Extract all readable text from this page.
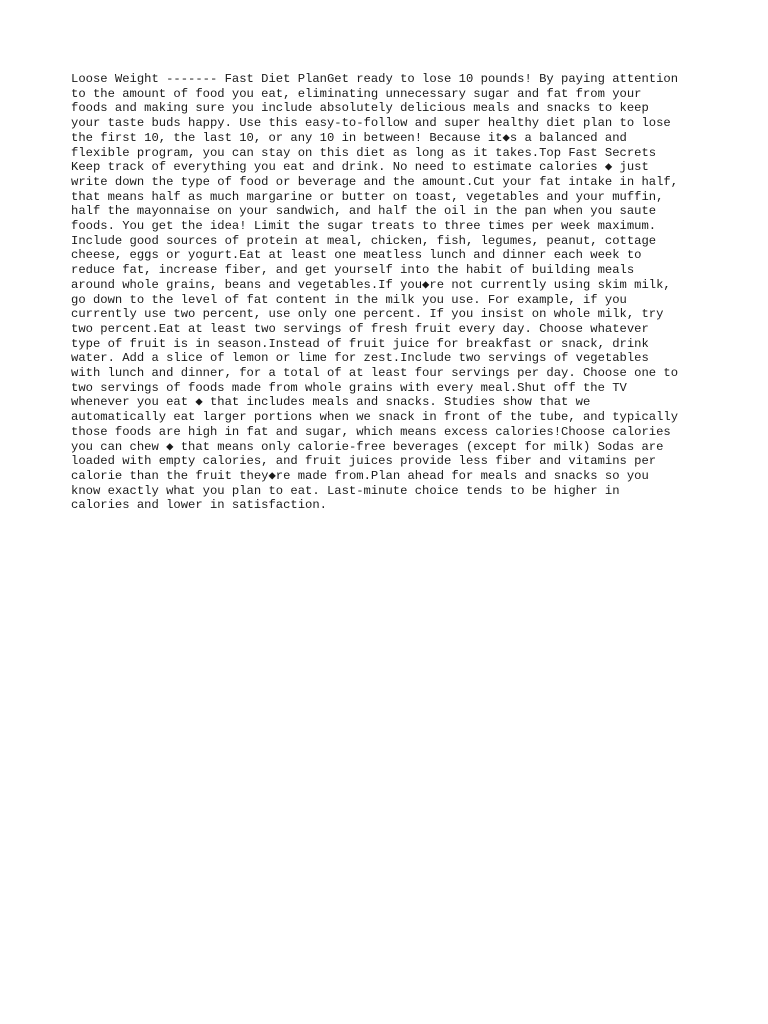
Loose Weight ------- Fast Diet PlanGet ready to lose 10 pounds! By paying attention
to the amount of food you eat, eliminating unnecessary sugar and fat from your
foods and making sure you include absolutely delicious meals and snacks to keep
your taste buds happy. Use this easy-to-follow and super healthy diet plan to lose
the first 10, the last 10, or any 10 in between! Because it◆s a balanced and
flexible program, you can stay on this diet as long as it takes.Top Fast Secrets
Keep track of everything you eat and drink. No need to estimate calories ◆ just
write down the type of food or beverage and the amount.Cut your fat intake in half,
that means half as much margarine or butter on toast, vegetables and your muffin,
half the mayonnaise on your sandwich, and half the oil in the pan when you saute
foods. You get the idea! Limit the sugar treats to three times per week maximum.
Include good sources of protein at meal, chicken, fish, legumes, peanut, cottage
cheese, eggs or yogurt.Eat at least one meatless lunch and dinner each week to
reduce fat, increase fiber, and get yourself into the habit of building meals
around whole grains, beans and vegetables.If you◆re not currently using skim milk,
go down to the level of fat content in the milk you use. For example, if you
currently use two percent, use only one percent. If you insist on whole milk, try
two percent.Eat at least two servings of fresh fruit every day. Choose whatever
type of fruit is in season.Instead of fruit juice for breakfast or snack, drink
water. Add a slice of lemon or lime for zest.Include two servings of vegetables
with lunch and dinner, for a total of at least four servings per day. Choose one to
two servings of foods made from whole grains with every meal.Shut off the TV
whenever you eat ◆ that includes meals and snacks. Studies show that we
automatically eat larger portions when we snack in front of the tube, and typically
those foods are high in fat and sugar, which means excess calories!Choose calories
you can chew ◆ that means only calorie-free beverages (except for milk) Sodas are
loaded with empty calories, and fruit juices provide less fiber and vitamins per
calorie than the fruit they◆re made from.Plan ahead for meals and snacks so you
know exactly what you plan to eat. Last-minute choice tends to be higher in
calories and lower in satisfaction.
